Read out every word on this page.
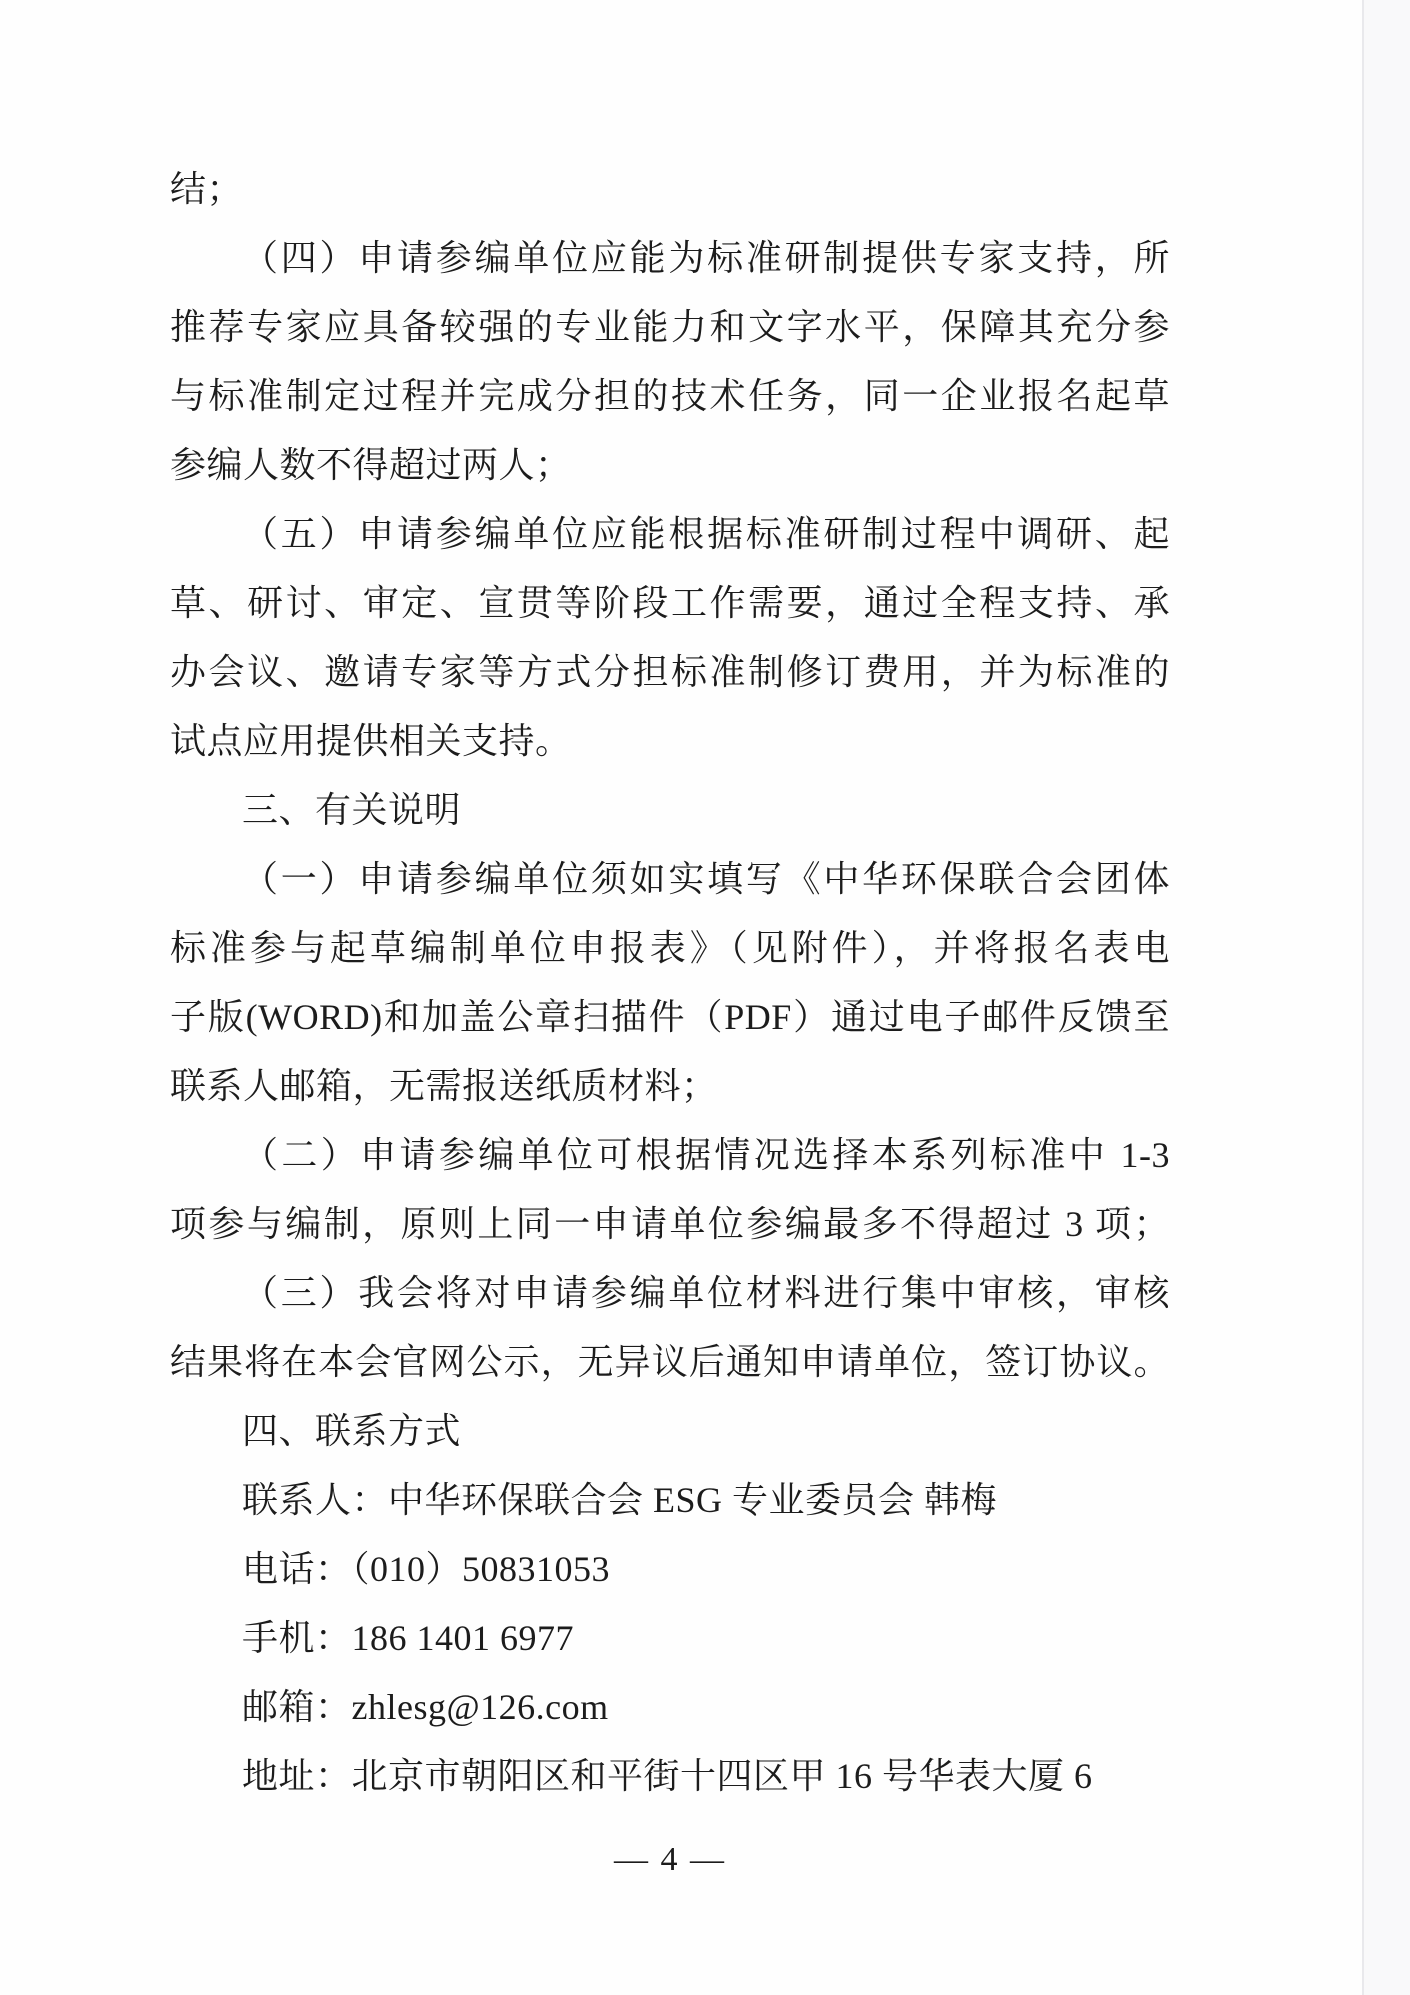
结；
（四）申请参编单位应能为标准研制提供专家支持，所
推荐专家应具备较强的专业能力和文字水平，保障其充分参
与标准制定过程并完成分担的技术任务，同一企业报名起草
参编人数不得超过两人；
（五）申请参编单位应能根据标准研制过程中调研、起
草、研讨、审定、宣贯等阶段工作需要，通过全程支持、承
办会议、邀请专家等方式分担标准制修订费用，并为标准的
试点应用提供相关支持。
三、有关说明
（一）申请参编单位须如实填写《中华环保联合会团体
标准参与起草编制单位申报表》（见附件），并将报名表电
子版(WORD)和加盖公章扫描件（PDF）通过电子邮件反馈至
联系人邮箱，无需报送纸质材料；
（二）申请参编单位可根据情况选择本系列标准中 1-3
项参与编制，原则上同一申请单位参编最多不得超过 3 项；
（三）我会将对申请参编单位材料进行集中审核，审核
结果将在本会官网公示，无异议后通知申请单位，签订协议。
四、联系方式
联系人：中华环保联合会 ESG 专业委员会 韩梅
电话：（010）50831053
手机：186 1401 6977
邮箱：zhlesg@126.com
地址：北京市朝阳区和平街十四区甲 16 号华表大厦 6
— 4 —
